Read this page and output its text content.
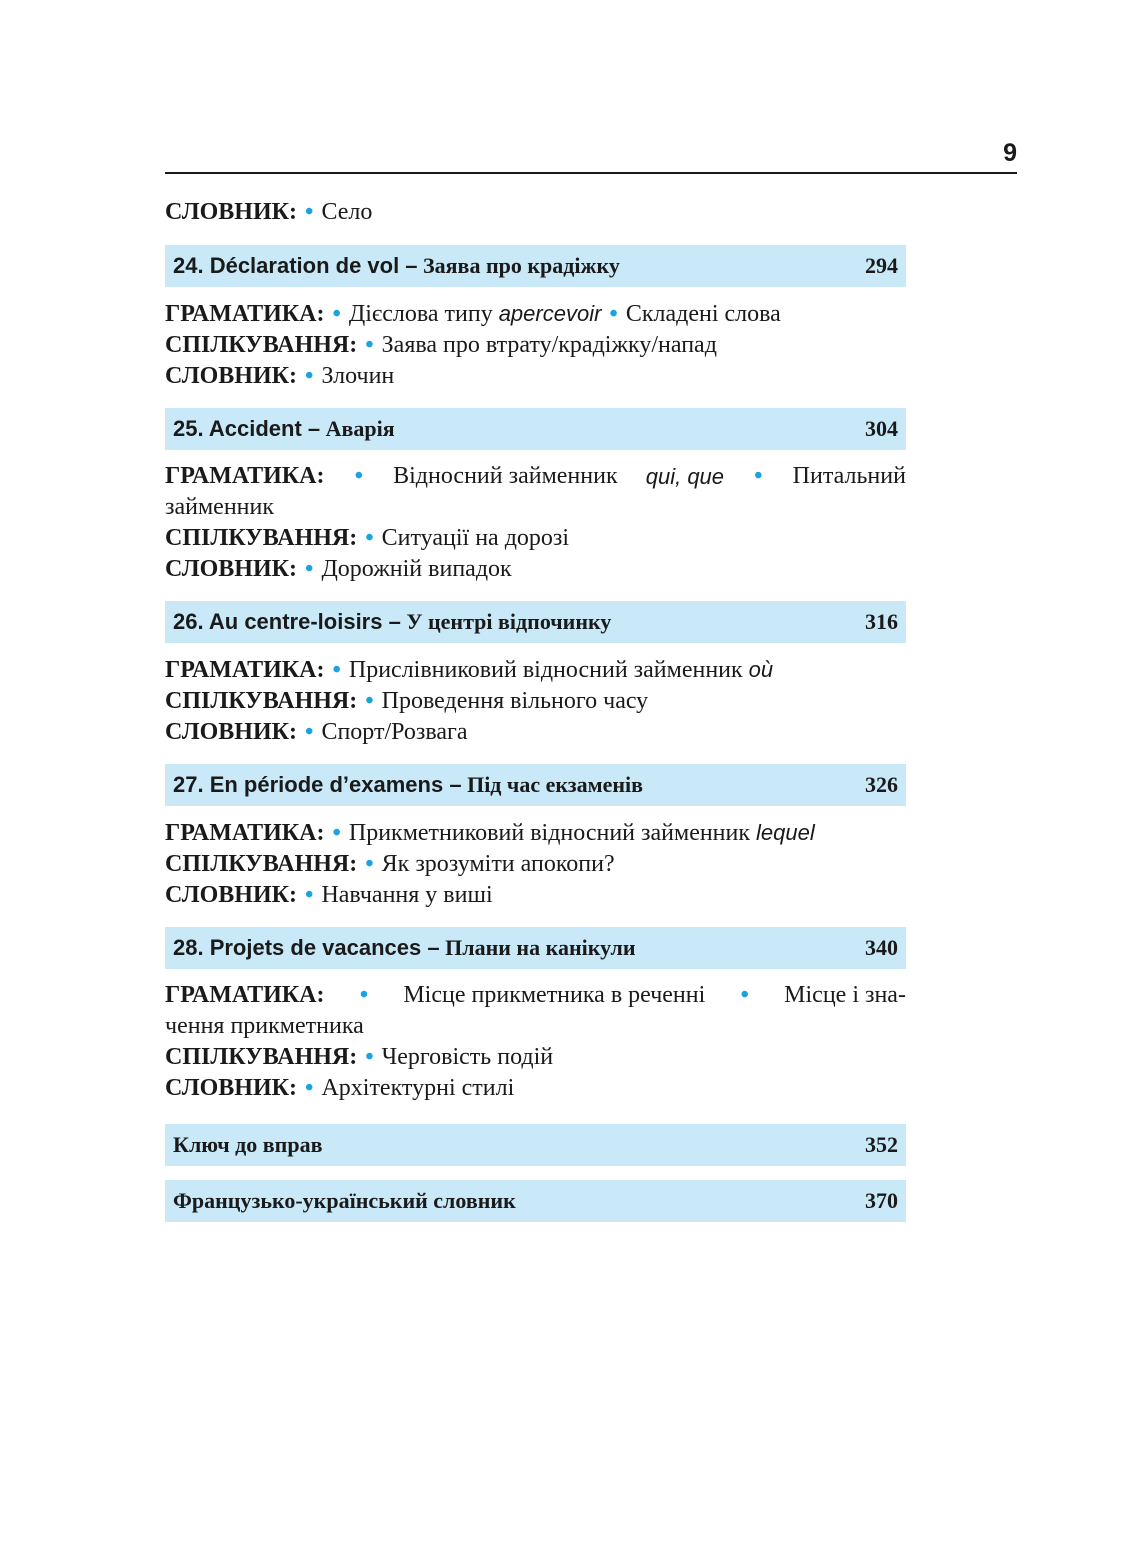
9
СЛОВНИК: • Село
24. Déclaration de vol – Заява про крадіжку	294
ГРАМАТИКА: • Дієслова типу apercevoir • Складені слова
СПІЛКУВАННЯ: • Заява про втрату/крадіжку/напад
СЛОВНИК: • Злочин
25. Accident – Аварія	304
ГРАМАТИКА: • Відносний займенник qui, que • Питальний
займенник
СПІЛКУВАННЯ: • Ситуації на дорозі
СЛОВНИК: • Дорожній випадок
26. Au centre-loisirs – У центрі відпочинку	316
ГРАМАТИКА: • Прислівниковий відносний займенник où
СПІЛКУВАННЯ: • Проведення вільного часу
СЛОВНИК: • Спорт/Розвага
27. En période d’examens – Під час екзаменів	326
ГРАМАТИКА: • Прикметниковий відносний займенник lequel
СПІЛКУВАННЯ: • Як зрозуміти апокопи?
СЛОВНИК: • Навчання у виші
28. Projets de vacances – Плани на канікули	340
ГРАМАТИКА: • Місце прикметника в реченні • Місце і зна-
чення прикметника
СПІЛКУВАННЯ: • Черговість подій
СЛОВНИК: • Архітектурні стилі
Ключ до вправ	352
Французько-український словник	370
